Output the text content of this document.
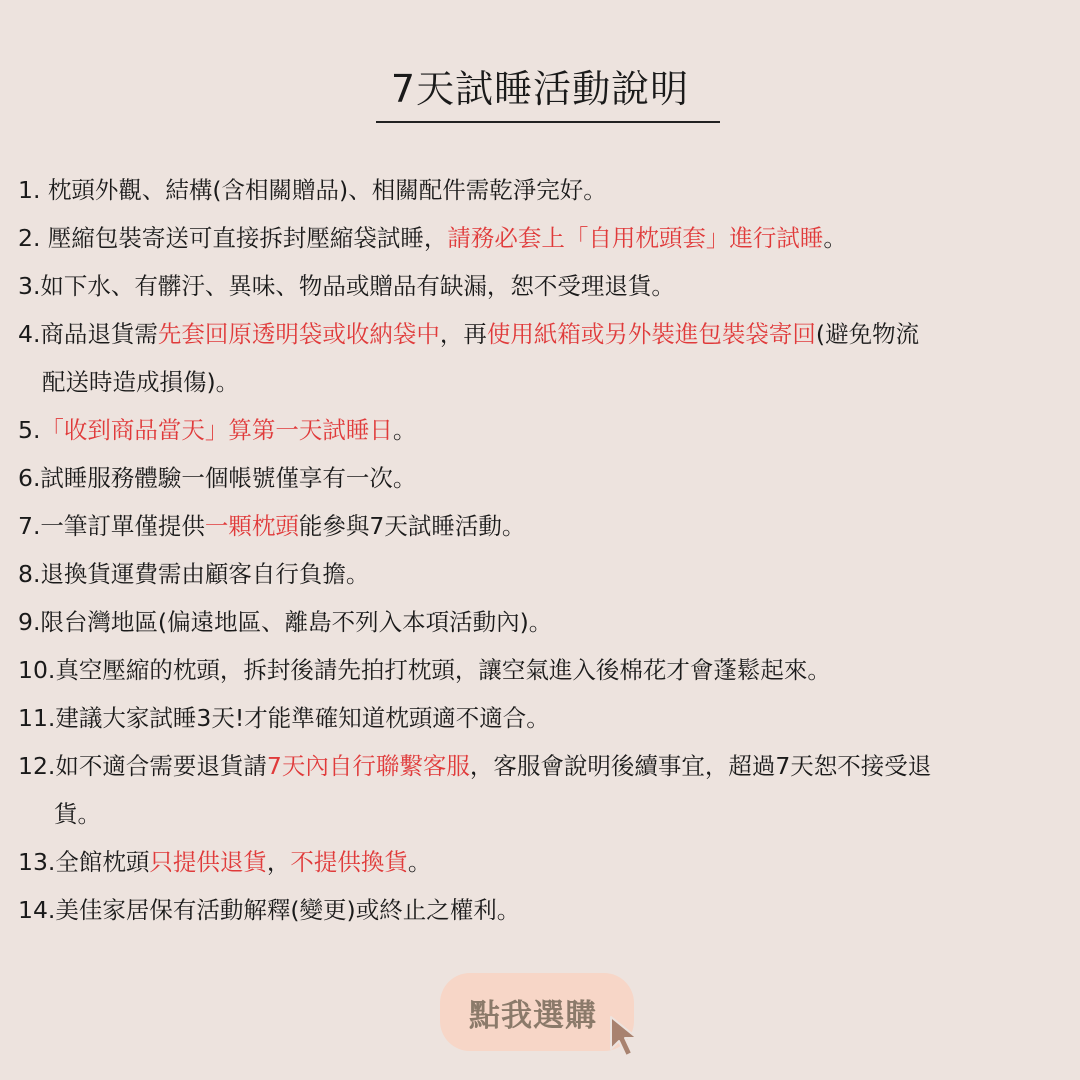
7天試睡活動說明
1. 枕頭外觀、結構(含相關贈品)、相關配件需乾淨完好。
2. 壓縮包裝寄送可直接拆封壓縮袋試睡，請務必套上「自用枕頭套」進行試睡。
3.如下水、有髒汙、異味、物品或贈品有缺漏，恕不受理退貨。
4.商品退貨需先套回原透明袋或收納袋中，再使用紙箱或另外裝進包裝袋寄回(避免物流
配送時造成損傷)。
5.「收到商品當天」算第一天試睡日。
6.試睡服務體驗一個帳號僅享有一次。
7.一筆訂單僅提供一顆枕頭能參與7天試睡活動。
8.退換貨運費需由顧客自行負擔。
9.限台灣地區(偏遠地區、離島不列入本項活動內)。
10.真空壓縮的枕頭，拆封後請先拍打枕頭，讓空氣進入後棉花才會蓬鬆起來。
11.建議大家試睡3天!才能準確知道枕頭適不適合。
12.如不適合需要退貨請7天內自行聯繫客服，客服會說明後續事宜，超過7天恕不接受退
貨。
13.全館枕頭只提供退貨，不提供換貨。
14.美佳家居保有活動解釋(變更)或終止之權利。
點我選購
